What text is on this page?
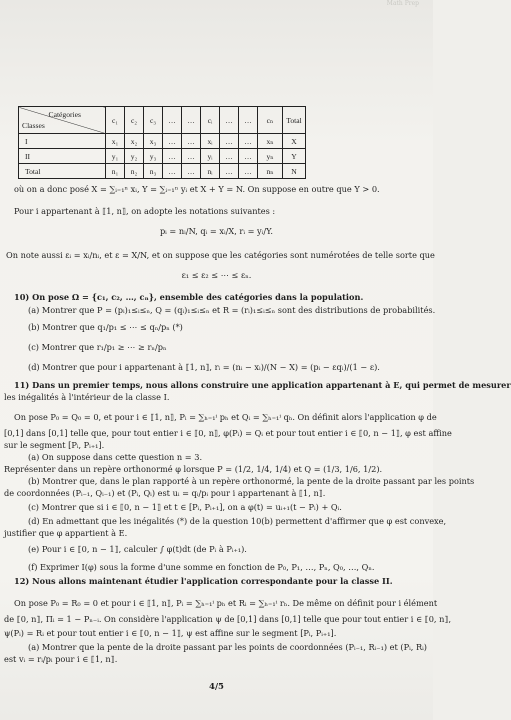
Math Prep
Catégories
Classes	c₁	c₂	c₃	…	…	cᵢ	…	…	cₙ	Total
I	x₁	x₂	x₃	…	…	xᵢ	…	…	xₙ	X
II	y₁	y₂	y₃	…	…	yᵢ	…	…	yₙ	Y
Total	n₁	n₂	n₃	…	…	nᵢ	…	…	nₙ	N
où on a donc posé X = ∑ᵢ₌₁ⁿ xᵢ, Y = ∑ᵢ₌₁ⁿ yᵢ et X + Y = N. On suppose en outre que Y > 0.
Pour i appartenant à ⟦1, n⟧, on adopte les notations suivantes :
pᵢ = nᵢ/N, qᵢ = xᵢ/X, rᵢ = yᵢ/Y.
On note aussi εᵢ = xᵢ/nᵢ, et ε = X/N, et on suppose que les catégories sont numérotées de telle sorte que
ε₁ ≤ ε₂ ≤ ⋯ ≤ εₙ.
10) On pose Ω = {c₁, c₂, …, cₙ}, ensemble des catégories dans la population.
(a) Montrer que P = (pᵢ)₁≤ᵢ≤ₙ, Q = (qᵢ)₁≤ᵢ≤ₙ et R = (rᵢ)₁≤ᵢ≤ₙ sont des distributions de probabilités.
(b) Montrer que q₁/p₁ ≤ ⋯ ≤ qₙ/pₙ (*)
(c) Montrer que r₁/p₁ ≥ ⋯ ≥ rₙ/pₙ
(d) Montrer que pour i appartenant à ⟦1, n⟧, rᵢ = (nᵢ − xᵢ)/(N − X) = (pᵢ − εqᵢ)/(1 − ε).
11) Dans un premier temps, nous allons construire une application appartenant à E, qui permet de mesurer
les inégalités à l'intérieur de la classe I.
On pose P₀ = Q₀ = 0, et pour i ∈ ⟦1, n⟧, Pᵢ = ∑ₕ₌₁ⁱ pₕ et Qᵢ = ∑ₕ₌₁ⁱ qₕ. On définit alors l'application φ de
[0,1] dans [0,1] telle que, pour tout entier i ∈ ⟦0, n⟧, φ(Pᵢ) = Qᵢ et pour tout entier i ∈ ⟦0, n − 1⟧, φ est affine
sur le segment [Pᵢ, Pᵢ₊₁].
(a) On suppose dans cette question n = 3.
Représenter dans un repère orthonormé φ lorsque P = (1/2, 1/4, 1/4) et Q = (1/3, 1/6, 1/2).
(b) Montrer que, dans le plan rapporté à un repère orthonormé, la pente de la droite passant par les points
de coordonnées (Pᵢ₋₁, Qᵢ₋₁) et (Pᵢ, Qᵢ) est uᵢ = qᵢ/pᵢ pour i appartenant à ⟦1, n⟧.
(c) Montrer que si i ∈ ⟦0, n − 1⟧ et t ∈ [Pᵢ, Pᵢ₊₁], on a φ(t) = uᵢ₊₁(t − Pᵢ) + Qᵢ.
(d) En admettant que les inégalités (*) de la question 10(b) permettent d'affirmer que φ est convexe,
justifier que φ appartient à E.
(e) Pour i ∈ ⟦0, n − 1⟧, calculer ∫ φ(t)dt (de Pᵢ à Pᵢ₊₁).
(f) Exprimer I(φ) sous la forme d'une somme en fonction de P₀, P₁, …, Pₙ, Q₀, …, Qₙ.
12) Nous allons maintenant étudier l'application correspondante pour la classe II.
On pose P₀ = R₀ = 0 et pour i ∈ ⟦1, n⟧, Pᵢ = ∑ₕ₌₁ⁱ pₕ et Rᵢ = ∑ₕ₌₁ⁱ rₕ. De même on définit pour i élément
de ⟦0, n⟧, Πᵢ = 1 − Pₙ₋ᵢ. On considère l'application ψ de [0,1] dans [0,1] telle que pour tout entier i ∈ ⟦0, n⟧,
ψ(Pᵢ) = Rᵢ et pour tout entier i ∈ ⟦0, n − 1⟧, ψ est affine sur le segment [Pᵢ, Pᵢ₊₁].
(a) Montrer que la pente de la droite passant par les points de coordonnées (Pᵢ₋₁, Rᵢ₋₁) et (Pᵢ, Rᵢ)
est vᵢ = rᵢ/pᵢ pour i ∈ ⟦1, n⟧.
4/5
